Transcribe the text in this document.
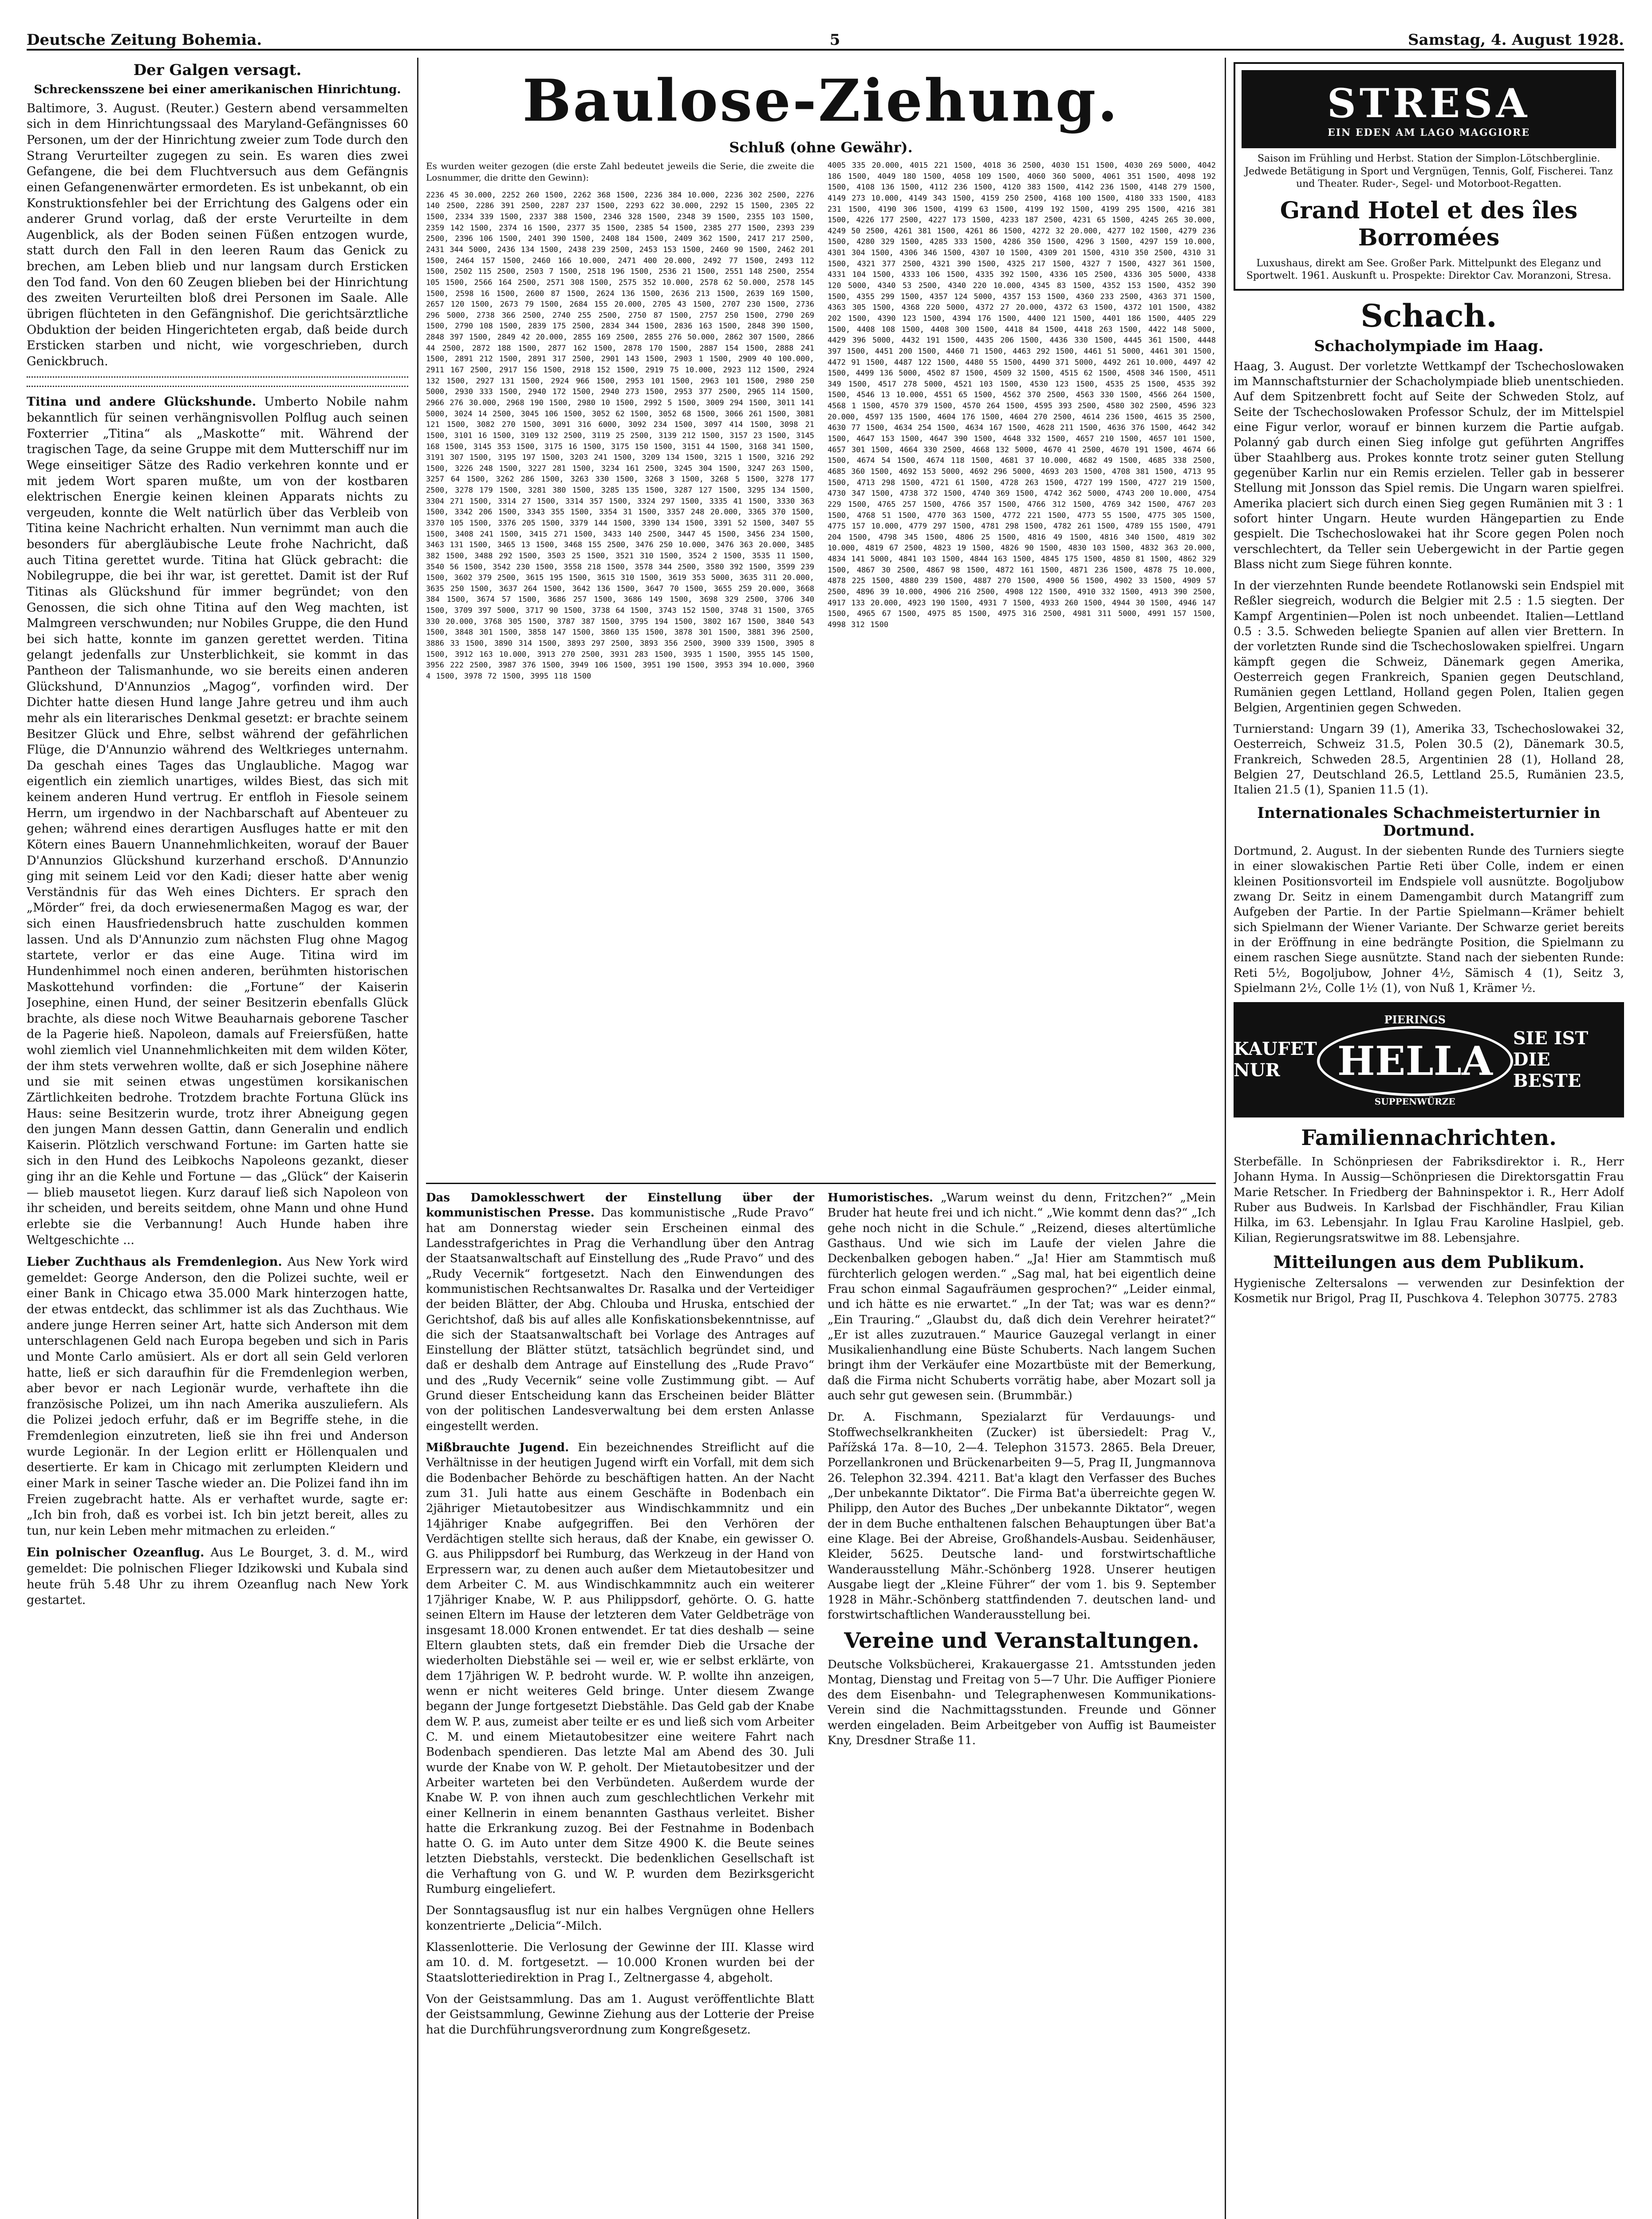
Deutsche Zeitung Bohemia.	5	Samstag, 4. August 1928.
Der Galgen versagt.
Schreckensszene bei einer amerikanischen Hinrichtung.

Baltimore, 3. August. (Reuter.) Gestern abend versammelten sich in dem Hinrichtungssaal des Maryland-Gefängnisses 60 Personen, um der der Hinrichtung zweier zum Tode durch den Strang Verurteilter zugegen zu sein. Es waren dies zwei Gefangene, die bei dem Fluchtversuch aus dem Gefängnis einen Gefangenenwärter ermordeten. Es ist unbekannt, ob ein Konstruktionsfehler bei der Errichtung des Galgens oder ein anderer Grund vorlag, daß der erste Verurteilte in dem Augenblick, als der Boden seinen Füßen entzogen wurde, statt durch den Fall in den leeren Raum das Genick zu brechen, am Leben blieb und nur langsam durch Ersticken den Tod fand. Von den 60 Zeugen blieben bei der Hinrichtung des zweiten Verurteilten bloß drei Personen im Saale. Alle übrigen flüchteten in den Gefängnishof. Die gerichtsärztliche Obduktion der beiden Hingerichteten ergab, daß beide durch Ersticken starben und nicht, wie vorgeschrieben, durch Genickbruch.

Titina und andere Glückshunde. Umberto Nobile nahm bekanntlich für seinen verhängnisvollen Polflug auch seinen Foxterrier „Titina“ als „Maskotte“ mit. Während der tragischen Tage, da seine Gruppe mit dem Mutterschiff nur im Wege einseitiger Sätze des Radio verkehren konnte und er mit jedem Wort sparen mußte, um von der kostbaren elektrischen Energie keinen kleinen Apparats nichts zu vergeuden, konnte die Welt natürlich über das Verbleib von Titina keine Nachricht erhalten. Nun vernimmt man auch die besonders für abergläubische Leute frohe Nachricht, daß auch Titina gerettet wurde. Titina hat Glück gebracht: die Nobilegruppe, die bei ihr war, ist gerettet. Damit ist der Ruf Titinas als Glückshund für immer begründet; von den Genossen, die sich ohne Titina auf den Weg machten, ist Malmgreen verschwunden; nur Nobiles Gruppe, die den Hund bei sich hatte, konnte im ganzen gerettet werden. Titina gelangt jedenfalls zur Unsterblichkeit, sie kommt in das Pantheon der Talismanhunde, wo sie bereits einen anderen Glückshund, D'Annunzios „Magog“, vorfinden wird. Der Dichter hatte diesen Hund lange Jahre getreu und ihm auch mehr als ein literarisches Denkmal gesetzt: er brachte seinem Besitzer Glück und Ehre, selbst während der gefährlichen Flüge, die D'Annunzio während des Weltkrieges unternahm. Da geschah eines Tages das Unglaubliche. Magog war eigentlich ein ziemlich unartiges, wildes Biest, das sich mit keinem anderen Hund vertrug. Er entfloh in Fiesole seinem Herrn, um irgendwo in der Nachbarschaft auf Abenteuer zu gehen; während eines derartigen Ausfluges hatte er mit den Kötern eines Bauern Unannehmlichkeiten, worauf der Bauer D'Annunzios Glückshund kurzerhand erschoß. D'Annunzio ging mit seinem Leid vor den Kadi; dieser hatte aber wenig Verständnis für das Weh eines Dichters. Er sprach den „Mörder“ frei, da doch erwiesenermaßen Magog es war, der sich einen Hausfriedensbruch hatte zuschulden kommen lassen. Und als D'Annunzio zum nächsten Flug ohne Magog startete, verlor er das eine Auge. Titina wird im Hundenhimmel noch einen anderen, berühmten historischen Maskottehund vorfinden: die „Fortune“ der Kaiserin Josephine, einen Hund, der seiner Besitzerin ebenfalls Glück brachte, als diese noch Witwe Beauharnais geborene Tascher de la Pagerie hieß. Napoleon, damals auf Freiersfüßen, hatte wohl ziemlich viel Unannehmlichkeiten mit dem wilden Köter, der ihm stets verwehren wollte, daß er sich Josephine nähere und sie mit seinen etwas ungestümen korsikanischen Zärtlichkeiten bedrohe. Trotzdem brachte Fortuna Glück ins Haus: seine Besitzerin wurde, trotz ihrer Abneigung gegen den jungen Mann dessen Gattin, dann Generalin und endlich Kaiserin. Plötzlich verschwand Fortune: im Garten hatte sie sich in den Hund des Leibkochs Napoleons gezankt, dieser ging ihr an die Kehle und Fortune — das „Glück“ der Kaiserin — blieb mausetot liegen. Kurz darauf ließ sich Napoleon von ihr scheiden, und bereits seitdem, ohne Mann und ohne Hund erlebte sie die Verbannung! Auch Hunde haben ihre Weltgeschichte ...

Lieber Zuchthaus als Fremdenlegion. Aus New York wird gemeldet: George Anderson, den die Polizei suchte, weil er einer Bank in Chicago etwa 35.000 Mark hinterzogen hatte, der etwas entdeckt, das schlimmer ist als das Zuchthaus. Wie andere junge Herren seiner Art, hatte sich Anderson mit dem unterschlagenen Geld nach Europa begeben und sich in Paris und Monte Carlo amüsiert. Als er dort all sein Geld verloren hatte, ließ er sich daraufhin für die Fremdenlegion werben, aber bevor er nach Legionär wurde, verhaftete ihn die französische Polizei, um ihn nach Amerika auszuliefern. Als die Polizei jedoch erfuhr, daß er im Begriffe stehe, in die Fremdenlegion einzutreten, ließ sie ihn frei und Anderson wurde Legionär. In der Legion erlitt er Höllenqualen und desertierte. Er kam in Chicago mit zerlumpten Kleidern und einer Mark in seiner Tasche wieder an. Die Polizei fand ihn im Freien zugebracht hatte. Als er verhaftet wurde, sagte er: „Ich bin froh, daß es vorbei ist. Ich bin jetzt bereit, alles zu tun, nur kein Leben mehr mitmachen zu erleiden.“

Ein polnischer Ozeanflug. Aus Le Bourget, 3. d. M., wird gemeldet: Die polnischen Flieger Idzikowski und Kubala sind heute früh 5.48 Uhr zu ihrem Ozeanflug nach New York gestartet.

Baulose-Ziehung.
Schluß (ohne Gewähr).

Es wurden weiter gezogen (die erste Zahl bedeutet jeweils die Serie, die zweite die Losnummer, die dritte den Gewinn):

2236 45 30.000, 2252 260 1500, 2262 368 1500, 2236 384 10.000, 2236 302 2500, 2276 140 2500, 2286 391 2500, 2287 237 1500, 2293 622 30.000, 2292 15 1500, 2305 22 1500, 2334 339 1500, 2337 388 1500, 2346 328 1500, 2348 39 1500, 2355 103 1500, 2359 142 1500, 2374 16 1500, 2377 35 1500, 2385 54 1500, 2385 277 1500, 2393 239 2500, 2396 106 1500, 2401 390 1500, 2408 184 1500, 2409 362 1500, 2417 217 2500, 2431 344 5000, 2436 134 1500, 2438 239 2500, 2453 153 1500, 2460 90 1500, 2462 201 1500, 2464 157 1500, 2460 166 10.000, 2471 400 20.000, 2492 77 1500, 2493 112 1500, 2502 115 2500, 2503 7 1500, 2518 196 1500, 2536 21 1500, 2551 148 2500, 2554 105 1500, 2566 164 2500, 2571 308 1500, 2575 352 10.000, 2578 62 50.000, 2578 145 1500, 2598 16 1500, 2600 87 1500, 2624 136 1500, 2636 213 1500, 2639 169 1500, 2657 120 1500, 2673 79 1500, 2684 155 20.000, 2705 43 1500, 2707 230 1500, 2736 296 5000, 2738 366 2500, 2740 255 2500, 2750 87 1500, 2757 250 1500, 2790 269 1500, 2790 108 1500, 2839 175 2500, 2834 344 1500, 2836 163 1500, 2848 390 1500, 2848 397 1500, 2849 42 20.000, 2855 169 2500, 2855 276 50.000, 2862 307 1500, 2866 44 2500, 2872 188 1500, 2877 162 1500, 2878 170 1500, 2887 154 1500, 2888 241 1500, 2891 212 1500, 2891 317 2500, 2901 143 1500, 2903 1 1500, 2909 40 100.000, 2911 167 2500, 2917 156 1500, 2918 152 1500, 2919 75 10.000, 2923 112 1500, 2924 132 1500, 2927 131 1500, 2924 966 1500, 2953 101 1500, 2963 101 1500, 2980 250 5000, 2930 333 1500, 2940 172 1500, 2940 273 1500, 2953 377 2500, 2965 114 1500, 2966 276 30.000, 2968 190 1500, 2980 10 1500, 2992 5 1500, 3009 294 1500, 3011 141 5000, 3024 14 2500, 3045 106 1500, 3052 62 1500, 3052 68 1500, 3066 261 1500, 3081 121 1500, 3082 270 1500, 3091 316 6000, 3092 234 1500, 3097 414 1500, 3098 21 1500, 3101 16 1500, 3109 132 2500, 3119 25 2500, 3139 212 1500, 3157 23 1500, 3145 168 1500, 3145 353 1500, 3175 16 1500, 3175 150 1500, 3151 44 1500, 3168 341 1500, 3191 307 1500, 3195 197 1500, 3203 241 1500, 3209 134 1500, 3215 1 1500, 3216 292 1500, 3226 248 1500, 3227 281 1500, 3234 161 2500, 3245 304 1500, 3247 263 1500, 3257 64 1500, 3262 286 1500, 3263 330 1500, 3268 3 1500, 3268 5 1500, 3278 177 2500, 3278 179 1500, 3281 380 1500, 3285 135 1500, 3287 127 1500, 3295 134 1500, 3304 271 1500, 3314 27 1500, 3314 357 1500, 3324 297 1500, 3335 41 1500, 3330 363 1500, 3342 206 1500, 3343 355 1500, 3354 31 1500, 3357 248 20.000, 3365 370 1500, 3370 105 1500, 3376 205 1500, 3379 144 1500, 3390 134 1500, 3391 52 1500, 3407 55 1500, 3408 241 1500, 3415 271 1500, 3433 140 2500, 3447 45 1500, 3456 234 1500, 3463 131 1500, 3465 13 1500, 3468 155 2500, 3476 250 10.000, 3476 363 20.000, 3485 382 1500, 3488 292 1500, 3503 25 1500, 3521 310 1500, 3524 2 1500, 3535 11 1500, 3540 56 1500, 3542 230 1500, 3558 218 1500, 3578 344 2500, 3580 392 1500, 3599 239 1500, 3602 379 2500, 3615 195 1500, 3615 310 1500, 3619 353 5000, 3635 311 20.000, 3635 250 1500, 3637 264 1500, 3642 136 1500, 3647 70 1500, 3655 259 20.000, 3668 384 1500, 3674 57 1500, 3686 257 1500, 3686 149 1500, 3698 329 2500, 3706 340 1500, 3709 397 5000, 3717 90 1500, 3738 64 1500, 3743 152 1500, 3748 31 1500, 3765 330 20.000, 3768 305 1500, 3787 387 1500, 3795 194 1500, 3802 167 1500, 3840 543 1500, 3848 301 1500, 3858 147 1500, 3860 135 1500, 3878 301 1500, 3881 396 2500, 3886 33 1500, 3890 314 1500, 3893 297 2500, 3893 356 2500, 3900 339 1500, 3905 8 1500, 3912 163 10.000, 3913 270 2500, 3931 283 1500, 3935 1 1500, 3955 145 1500, 3956 222 2500, 3987 376 1500, 3949 106 1500, 3951 190 1500, 3953 394 10.000, 3960 4 1500, 3978 72 1500, 3995 118 1500
4005 335 20.000, 4015 221 1500, 4018 36 2500, 4030 151 1500, 4030 269 5000, 4042 186 1500, 4049 180 1500, 4058 109 1500, 4060 360 5000, 4061 351 1500, 4098 192 1500, 4108 136 1500, 4112 236 1500, 4120 383 1500, 4142 236 1500, 4148 279 1500, 4149 273 10.000, 4149 343 1500, 4159 250 2500, 4168 100 1500, 4180 333 1500, 4183 231 1500, 4190 306 1500, 4199 63 1500, 4199 192 1500, 4199 295 1500, 4216 381 1500, 4226 177 2500, 4227 173 1500, 4233 187 2500, 4231 65 1500, 4245 265 30.000, 4249 50 2500, 4261 381 1500, 4261 86 1500, 4272 32 20.000, 4277 102 1500, 4279 236 1500, 4280 329 1500, 4285 333 1500, 4286 350 1500, 4296 3 1500, 4297 159 10.000, 4301 304 1500, 4306 346 1500, 4307 10 1500, 4309 201 1500, 4310 350 2500, 4310 31 1500, 4321 377 2500, 4321 390 1500, 4325 217 1500, 4327 7 1500, 4327 361 1500, 4331 104 1500, 4333 106 1500, 4335 392 1500, 4336 105 2500, 4336 305 5000, 4338 120 5000, 4340 53 2500, 4340 220 10.000, 4345 83 1500, 4352 153 1500, 4352 390 1500, 4355 299 1500, 4357 124 5000, 4357 153 1500, 4360 233 2500, 4363 371 1500, 4363 305 1500, 4368 220 5000, 4372 27 20.000, 4372 63 1500, 4372 101 1500, 4382 202 1500, 4390 123 1500, 4394 176 1500, 4400 121 1500, 4401 186 1500, 4405 229 1500, 4408 108 1500, 4408 300 1500, 4418 84 1500, 4418 263 1500, 4422 148 5000, 4429 396 5000, 4432 191 1500, 4435 206 1500, 4436 330 1500, 4445 361 1500, 4448 397 1500, 4451 200 1500, 4460 71 1500, 4463 292 1500, 4461 51 5000, 4461 301 1500, 4472 91 1500, 4487 122 1500, 4480 55 1500, 4490 371 5000, 4492 261 10.000, 4497 42 1500, 4499 136 5000, 4502 87 1500, 4509 32 1500, 4515 62 1500, 4508 346 1500, 4511 349 1500, 4517 278 5000, 4521 103 1500, 4530 123 1500, 4535 25 1500, 4535 392 1500, 4546 13 10.000, 4551 65 1500, 4562 370 2500, 4563 330 1500, 4566 264 1500, 4568 1 1500, 4570 379 1500, 4570 264 1500, 4595 393 2500, 4580 302 2500, 4596 323 20.000, 4597 135 1500, 4604 176 1500, 4604 270 2500, 4614 236 1500, 4615 35 2500, 4630 77 1500, 4634 254 1500, 4634 167 1500, 4628 211 1500, 4636 376 1500, 4642 342 1500, 4647 153 1500, 4647 390 1500, 4648 332 1500, 4657 210 1500, 4657 101 1500, 4657 301 1500, 4664 330 2500, 4668 132 5000, 4670 41 2500, 4670 191 1500, 4674 66 1500, 4674 54 1500, 4674 118 1500, 4681 37 10.000, 4682 49 1500, 4685 338 2500, 4685 360 1500, 4692 153 5000, 4692 296 5000, 4693 203 1500, 4708 381 1500, 4713 95 1500, 4713 298 1500, 4721 61 1500, 4728 263 1500, 4727 199 1500, 4727 219 1500, 4730 347 1500, 4738 372 1500, 4740 369 1500, 4742 362 5000, 4743 200 10.000, 4754 229 1500, 4765 257 1500, 4766 357 1500, 4766 312 1500, 4769 342 1500, 4767 203 1500, 4768 51 1500, 4770 363 1500, 4772 221 1500, 4773 55 1500, 4775 305 1500, 4775 157 10.000, 4779 297 1500, 4781 298 1500, 4782 261 1500, 4789 155 1500, 4791 204 1500, 4798 345 1500, 4806 25 1500, 4816 49 1500, 4816 340 1500, 4819 302 10.000, 4819 67 2500, 4823 19 1500, 4826 90 1500, 4830 103 1500, 4832 363 20.000, 4834 141 5000, 4841 103 1500, 4844 163 1500, 4845 175 1500, 4850 81 1500, 4862 329 1500, 4867 30 2500, 4867 98 1500, 4872 161 1500, 4871 236 1500, 4878 75 10.000, 4878 225 1500, 4880 239 1500, 4887 270 1500, 4900 56 1500, 4902 33 1500, 4909 57 2500, 4896 39 10.000, 4906 216 2500, 4908 122 1500, 4910 332 1500, 4913 390 2500, 4917 133 20.000, 4923 190 1500, 4931 7 1500, 4933 260 1500, 4944 30 1500, 4946 147 1500, 4965 67 1500, 4975 85 1500, 4975 316 2500, 4981 311 5000, 4991 157 1500, 4998 312 1500

Das Damoklesschwert der Einstellung über der kommunistischen Presse. Das kommunistische „Rude Pravo“ hat am Donnerstag wieder sein Erscheinen einmal des Landesstrafgerichtes in Prag die Verhandlung über den Antrag der Staatsanwaltschaft auf Einstellung des „Rude Pravo“ und des „Rudy Vecernik“ fortgesetzt. Nach den Einwendungen des kommunistischen Rechtsanwaltes Dr. Rasalka und der Verteidiger der beiden Blätter, der Abg. Chlouba und Hruska, entschied der Gerichtshof, daß bis auf alles alle Konfiskationsbekenntnisse, auf die sich der Staatsanwaltschaft bei Vorlage des Antrages auf Einstellung der Blätter stützt, tatsächlich begründet sind, und daß er deshalb dem Antrage auf Einstellung des „Rude Pravo“ und des „Rudy Vecernik“ seine volle Zustimmung gibt. — Auf Grund dieser Entscheidung kann das Erscheinen beider Blätter von der politischen Landesverwaltung bei dem ersten Anlasse eingestellt werden.

Mißbrauchte Jugend. Ein bezeichnendes Streiflicht auf die Verhältnisse in der heutigen Jugend wirft ein Vorfall, mit dem sich die Bodenbacher Behörde zu beschäftigen hatten. An der Nacht zum 31. Juli hatte aus einem Geschäfte in Bodenbach ein 2jähriger Mietautobesitzer aus Windischkammnitz und ein 14jähriger Knabe aufgegriffen. Bei den Verhören der Verdächtigen stellte sich heraus, daß der Knabe, ein gewisser O. G. aus Philippsdorf bei Rumburg, das Werkzeug in der Hand von Erpressern war, zu denen auch außer dem Mietautobesitzer und dem Arbeiter C. M. aus Windischkammnitz auch ein weiterer 17jähriger Knabe, W. P. aus Philippsdorf, gehörte. O. G. hatte seinen Eltern im Hause der letzteren dem Vater Geldbeträge von insgesamt 18.000 Kronen entwendet. Er tat dies deshalb — seine Eltern glaubten stets, daß ein fremder Dieb die Ursache der wiederholten Diebstähle sei — weil er, wie er selbst erklärte, von dem 17jährigen W. P. bedroht wurde. W. P. wollte ihn anzeigen, wenn er nicht weiteres Geld bringe. Unter diesem Zwange begann der Junge fortgesetzt Diebstähle. Das Geld gab der Knabe dem W. P. aus, zumeist aber teilte er es und ließ sich vom Arbeiter C. M. und einem Mietautobesitzer eine weitere Fahrt nach Bodenbach spendieren. Das letzte Mal am Abend des 30. Juli wurde der Knabe von W. P. geholt. Der Mietautobesitzer und der Arbeiter warteten bei den Verbündeten. Außerdem wurde der Knabe W. P. von ihnen auch zum geschlechtlichen Verkehr mit einer Kellnerin in einem benannten Gasthaus verleitet. Bisher hatte die Erkrankung zuzog. Bei der Festnahme in Bodenbach hatte O. G. im Auto unter dem Sitze 4900 K. die Beute seines letzten Diebstahls, versteckt. Die bedenklichen Gesellschaft ist die Verhaftung von G. und W. P. wurden dem Bezirksgericht Rumburg eingeliefert.

Der Sonntagsausflug ist nur ein halbes Vergnügen ohne Hellers konzentrierte „Delicia“-Milch.

Klassenlotterie. Die Verlosung der Gewinne der III. Klasse wird am 10. d. M. fortgesetzt. — 10.000 Kronen wurden bei der Staatslotteriedirektion in Prag I., Zeltnergasse 4, abgeholt.

Von der Geistsammlung. Das am 1. August veröffentlichte Blatt der Geistsammlung, Gewinne Ziehung aus der Lotterie der Preise hat die Durchführungsverordnung zum Kongreßgesetz.

Humoristisches. „Warum weinst du denn, Fritzchen?“ „Mein Bruder hat heute frei und ich nicht.“ „Wie kommt denn das?“ „Ich gehe noch nicht in die Schule.“ „Reizend, dieses altertümliche Gasthaus. Und wie sich im Laufe der vielen Jahre die Deckenbalken gebogen haben.“ „Ja! Hier am Stammtisch muß fürchterlich gelogen werden.“ „Sag mal, hat bei eigentlich deine Frau schon einmal Sagaufräumen gesprochen?“ „Leider einmal, und ich hätte es nie erwartet.“ „In der Tat; was war es denn?“ „Ein Trauring.“ „Glaubst du, daß dich dein Verehrer heiratet?“ „Er ist alles zuzutrauen.“ Maurice Gauzegal verlangt in einer Musikalienhandlung eine Büste Schuberts. Nach langem Suchen bringt ihm der Verkäufer eine Mozartbüste mit der Bemerkung, daß die Firma nicht Schuberts vorrätig habe, aber Mozart soll ja auch sehr gut gewesen sein. (Brummbär.)

Dr. A. Fischmann, Spezialarzt für Verdauungs- und Stoffwechselkrankheiten (Zucker) ist übersiedelt: Prag V., Pařížská 17a. 8—10, 2—4. Telephon 31573. 2865. Bela Dreuer, Porzellankronen und Brückenarbeiten 9—5, Prag II, Jungmannova 26. Telephon 32.394. 4211. Bat'a klagt den Verfasser des Buches „Der unbekannte Diktator“. Die Firma Bat'a überreichte gegen W. Philipp, den Autor des Buches „Der unbekannte Diktator“, wegen der in dem Buche enthaltenen falschen Behauptungen über Bat'a eine Klage. Bei der Abreise, Großhandels-Ausbau. Seidenhäuser, Kleider, 5625. Deutsche land- und forstwirtschaftliche Wanderausstellung Mähr.-Schönberg 1928. Unserer heutigen Ausgabe liegt der „Kleine Führer“ der vom 1. bis 9. September 1928 in Mähr.-Schönberg stattfindenden 7. deutschen land- und forstwirtschaftlichen Wanderausstellung bei.

Vereine und Veranstaltungen.

Deutsche Volksbücherei, Krakauergasse 21. Amtsstunden jeden Montag, Dienstag und Freitag von 5—7 Uhr. Die Auffiger Pioniere des dem Eisenbahn- und Telegraphenwesen Kommunikations-Verein sind die Nachmittagsstunden. Freunde und Gönner werden eingeladen. Beim Arbeitgeber von Auffig ist Baumeister Kny, Dresdner Straße 11.

STRESA
EIN EDEN AM LAGO MAGGIORE
Saison im Frühling und Herbst. Station der Simplon-Lötschberglinie. Jedwede Betätigung in Sport und Vergnügen, Tennis, Golf, Fischerei. Tanz und Theater. Ruder-, Segel- und Motorboot-Regatten.
Grand Hotel et des îles Borromées
Luxushaus, direkt am See. Großer Park. Mittelpunkt des Eleganz und Sportwelt. 1961. Auskunft u. Prospekte: Direktor Cav. Moranzoni, Stresa.
Schach.
Schacholympiade im Haag.

Haag, 3. August. Der vorletzte Wettkampf der Tschechoslowaken im Mannschaftsturnier der Schacholympiade blieb unentschieden. Auf dem Spitzenbrett focht auf Seite der Schweden Stolz, auf Seite der Tschechoslowaken Professor Schulz, der im Mittelspiel eine Figur verlor, worauf er binnen kurzem die Partie aufgab. Polanný gab durch einen Sieg infolge gut geführten Angriffes über Staahlberg aus. Prokes konnte trotz seiner guten Stellung gegenüber Karlin nur ein Remis erzielen. Teller gab in besserer Stellung mit Jonsson das Spiel remis. Die Ungarn waren spielfrei. Amerika placiert sich durch einen Sieg gegen Rumänien mit 3 : 1 sofort hinter Ungarn. Heute wurden Hängepartien zu Ende gespielt. Die Tschechoslowakei hat ihr Score gegen Polen noch verschlechtert, da Teller sein Uebergewicht in der Partie gegen Blass nicht zum Siege führen konnte.

In der vierzehnten Runde beendete Rotlanowski sein Endspiel mit Reßler siegreich, wodurch die Belgier mit 2.5 : 1.5 siegten. Der Kampf Argentinien—Polen ist noch unbeendet. Italien—Lettland 0.5 : 3.5. Schweden beliegte Spanien auf allen vier Brettern. In der vorletzten Runde sind die Tschechoslowaken spielfrei. Ungarn kämpft gegen die Schweiz, Dänemark gegen Amerika, Oesterreich gegen Frankreich, Spanien gegen Deutschland, Rumänien gegen Lettland, Holland gegen Polen, Italien gegen Belgien, Argentinien gegen Schweden.

Turnierstand: Ungarn 39 (1), Amerika 33, Tschechoslowakei 32, Oesterreich, Schweiz 31.5, Polen 30.5 (2), Dänemark 30.5, Frankreich, Schweden 28.5, Argentinien 28 (1), Holland 28, Belgien 27, Deutschland 26.5, Lettland 25.5, Rumänien 23.5, Italien 21.5 (1), Spanien 11.5 (1).

Internationales Schachmeisterturnier in Dortmund.

Dortmund, 2. August. In der siebenten Runde des Turniers siegte in einer slowakischen Partie Reti über Colle, indem er einen kleinen Positionsvorteil im Endspiele voll ausnützte. Bogoljubow zwang Dr. Seitz in einem Damengambit durch Matangriff zum Aufgeben der Partie. In der Partie Spielmann—Krämer behielt sich Spielmann der Wiener Variante. Der Schwarze geriet bereits in der Eröffnung in eine bedrängte Position, die Spielmann zu einem raschen Siege ausnützte. Stand nach der siebenten Runde: Reti 5½, Bogoljubow, Johner 4½, Sämisch 4 (1), Seitz 3, Spielmann 2½, Colle 1½ (1), von Nuß 1, Krämer ½.

KAUFET NUR
PIERINGS
HELLA
SUPPENWÜRZE
SIE IST DIE BESTE
Familiennachrichten.

Sterbefälle. In Schönpriesen der Fabriksdirektor i. R., Herr Johann Hyma. In Aussig—Schönpriesen die Direktorsgattin Frau Marie Retscher. In Friedberg der Bahninspektor i. R., Herr Adolf Ruber aus Budweis. In Karlsbad der Fischhändler, Frau Kilian Hilka, im 63. Lebensjahr. In Iglau Frau Karoline Haslpiel, geb. Kilian, Regierungsratswitwe im 88. Lebensjahre.

Mitteilungen aus dem Publikum.

Hygienische Zeltersalons — verwenden zur Desinfektion der Kosmetik nur Brigol, Prag II, Puschkova 4. Telephon 30775. 2783
